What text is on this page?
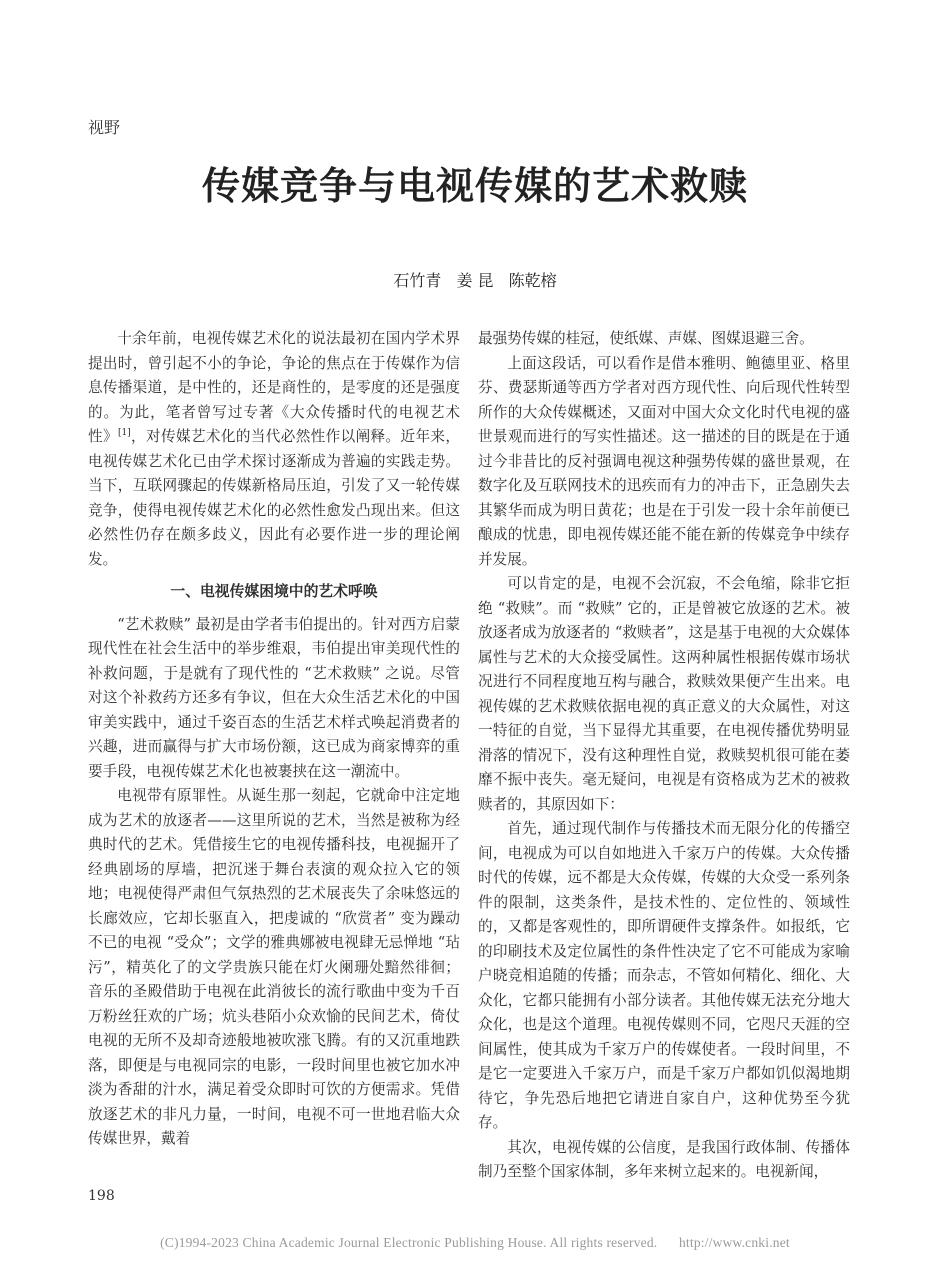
视野
传媒竞争与电视传媒的艺术救赎
石竹青 姜 昆 陈乾榕

十余年前，电视传媒艺术化的说法最初在国内学术界提出时，曾引起不小的争论，争论的焦点在于传媒作为信息传播渠道，是中性的，还是商性的，是零度的还是强度的。为此，笔者曾写过专著《大众传播时代的电视艺术性》[1]，对传媒艺术化的当代必然性作以阐释。近年来，电视传媒艺术化已由学术探讨逐渐成为普遍的实践走势。当下，互联网骤起的传媒新格局压迫，引发了又一轮传媒竞争，使得电视传媒艺术化的必然性愈发凸现出来。但这必然性仍存在颇多歧义，因此有必要作进一步的理论阐发。

一、电视传媒困境中的艺术呼唤

“艺术救赎” 最初是由学者韦伯提出的。针对西方启蒙现代性在社会生活中的举步维艰，韦伯提出审美现代性的补救问题，于是就有了现代性的 “艺术救赎” 之说。尽管对这个补救药方还多有争议，但在大众生活艺术化的中国审美实践中，通过千姿百态的生活艺术样式唤起消费者的兴趣，进而赢得与扩大市场份额，这已成为商家博弈的重要手段，电视传媒艺术化也被裹挟在这一潮流中。

电视带有原罪性。从诞生那一刻起，它就命中注定地成为艺术的放逐者——这里所说的艺术，当然是被称为经典时代的艺术。凭借接生它的电视传播科技，电视掘开了经典剧场的厚墙，把沉迷于舞台表演的观众拉入它的领地；电视使得严肃但气氛热烈的艺术展丧失了余味悠远的长廊效应，它却长驱直入，把虔诚的 “欣赏者” 变为躁动不已的电视 “受众”；文学的雅典娜被电视肆无忌惮地 “玷污”，精英化了的文学贵族只能在灯火阑珊处黯然徘徊；音乐的圣殿借助于电视在此消彼长的流行歌曲中变为千百万粉丝狂欢的广场；炕头巷陌小众欢愉的民间艺术，倚仗电视的无所不及却奇迹般地被吹涨飞腾。有的又沉重地跌落，即便是与电视同宗的电影，一段时间里也被它加水冲淡为香甜的汁水，满足着受众即时可饮的方便需求。凭借放逐艺术的非凡力量，一时间，电视不可一世地君临大众传媒世界，戴着

最强势传媒的桂冠，使纸媒、声媒、图媒退避三舍。

上面这段话，可以看作是借本雅明、鲍德里亚、格里芬、费瑟斯通等西方学者对西方现代性、向后现代性转型所作的大众传媒概述，又面对中国大众文化时代电视的盛世景观而进行的写实性描述。这一描述的目的既是在于通过今非昔比的反衬强调电视这种强势传媒的盛世景观，在数字化及互联网技术的迅疾而有力的冲击下，正急剧失去其繁华而成为明日黄花；也是在于引发一段十余年前便已酿成的忧患，即电视传媒还能不能在新的传媒竞争中续存并发展。

可以肯定的是，电视不会沉寂，不会龟缩，除非它拒绝 “救赎”。而 “救赎” 它的，正是曾被它放逐的艺术。被放逐者成为放逐者的 “救赎者”，这是基于电视的大众媒体属性与艺术的大众接受属性。这两种属性根据传媒市场状况进行不同程度地互构与融合，救赎效果便产生出来。电视传媒的艺术救赎依据电视的真正意义的大众属性，对这一特征的自觉，当下显得尤其重要，在电视传播优势明显滑落的情况下，没有这种理性自觉，救赎契机很可能在萎靡不振中丧失。毫无疑问，电视是有资格成为艺术的被救赎者的，其原因如下：

首先，通过现代制作与传播技术而无限分化的传播空间，电视成为可以自如地进入千家万户的传媒。大众传播时代的传媒，远不都是大众传媒，传媒的大众受一系列条件的限制，这类条件，是技术性的、定位性的、领域性的，又都是客观性的，即所谓硬件支撑条件。如报纸，它的印刷技术及定位属性的条件性决定了它不可能成为家喻户晓竞相追随的传播；而杂志，不管如何精化、细化、大众化，它都只能拥有小部分读者。其他传媒无法充分地大众化，也是这个道理。电视传媒则不同，它咫尺天涯的空间属性，使其成为千家万户的传媒使者。一段时间里，不是它一定要进入千家万户，而是千家万户都如饥似渴地期待它，争先恐后地把它请进自家自户，这种优势至今犹存。

其次，电视传媒的公信度，是我国行政体制、传播体制乃至整个国家体制，多年来树立起来的。电视新闻，

198
(C)1994-2023 China Academic Journal Electronic Publishing House. All rights reserved. http://www.cnki.net
